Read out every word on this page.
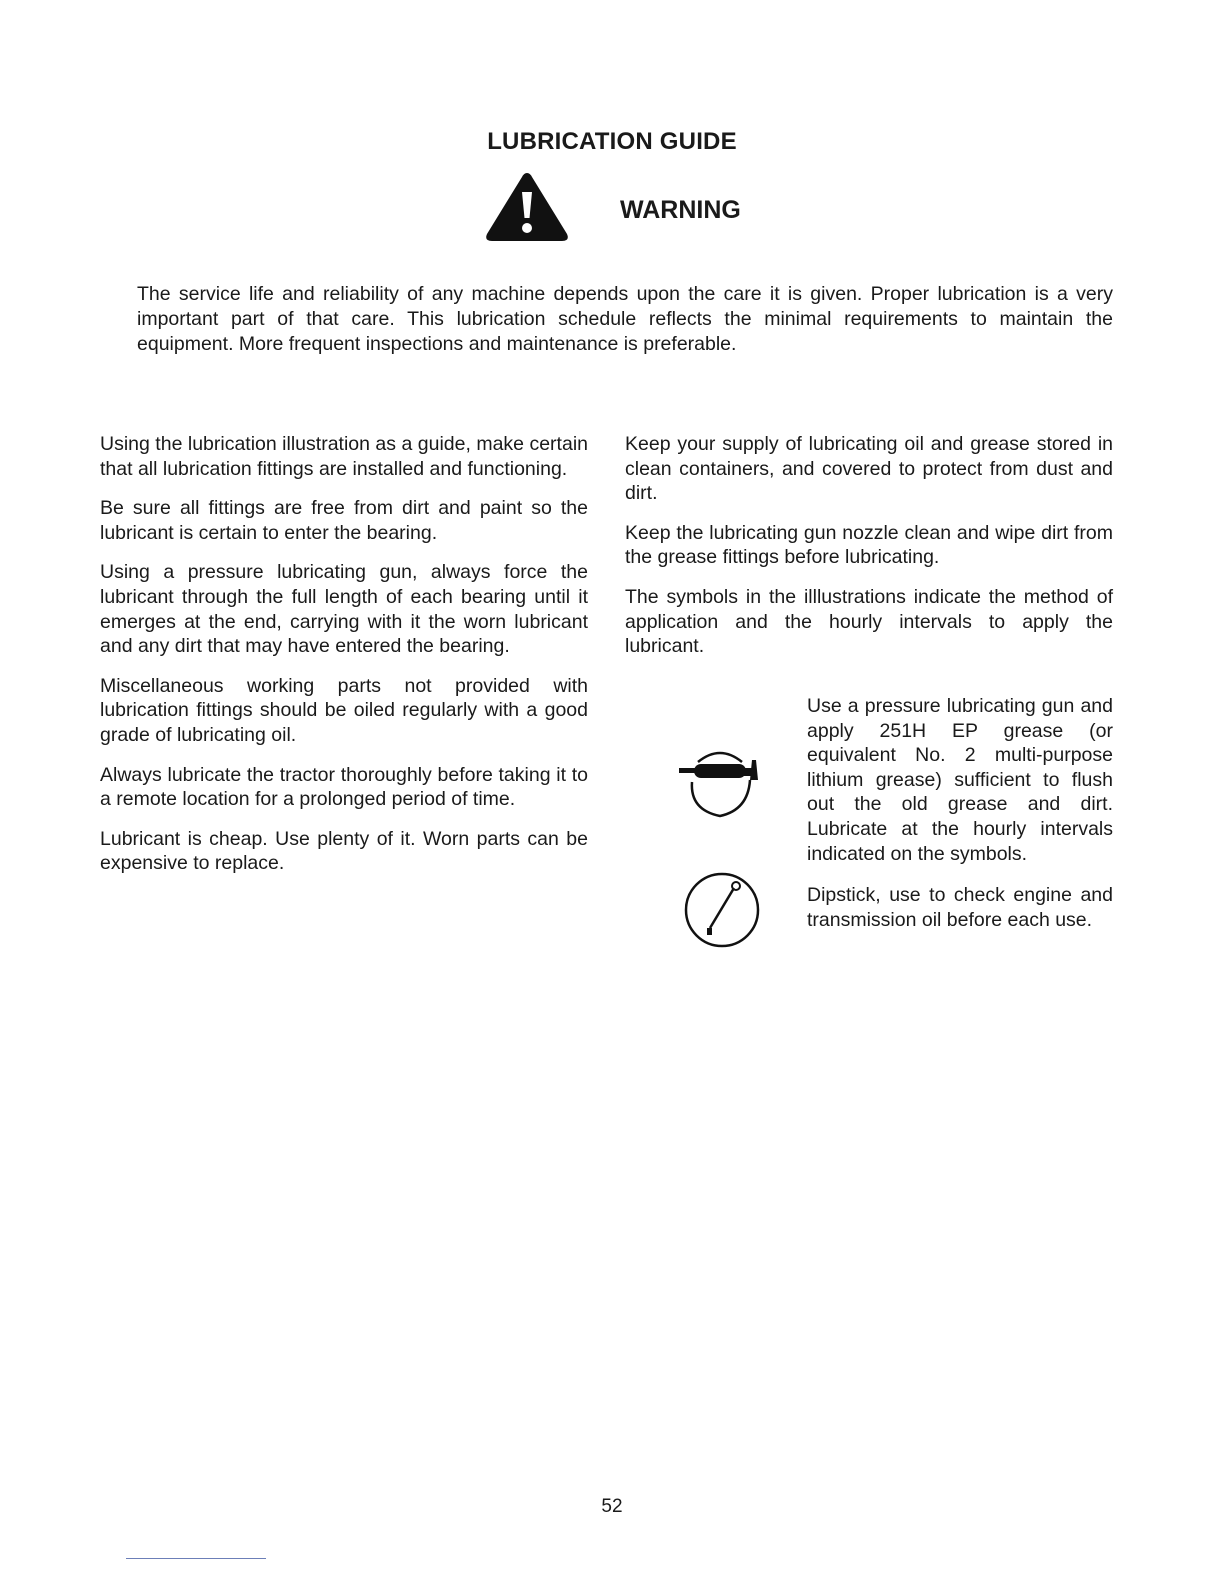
LUBRICATION GUIDE
WARNING
The service life and reliability of any machine depends upon the care it is given. Proper lubrication is a very important part of that care. This lubrication schedule reflects the minimal requirements to maintain the equipment. More frequent inspections and maintenance is preferable.

Using the lubrication illustration as a guide, make certain that all lubrication fittings are installed and functioning.

Be sure all fittings are free from dirt and paint so the lubricant is certain to enter the bearing.

Using a pressure lubricating gun, always force the lubricant through the full length of each bearing until it emerges at the end, carrying with it the worn lubricant and any dirt that may have entered the bearing.

Miscellaneous working parts not provided with lubrication fittings should be oiled regularly with a good grade of lubricating oil.

Always lubricate the tractor thoroughly before taking it to a remote location for a prolonged period of time.

Lubricant is cheap. Use plenty of it. Worn parts can be expensive to replace.

Keep your supply of lubricating oil and grease stored in clean containers, and covered to protect from dust and dirt.

Keep the lubricating gun nozzle clean and wipe dirt from the grease fittings before lubricating.

The symbols in the illlustrations indicate the method of application and the hourly intervals to apply the lubricant.

Use a pressure lubricating gun and apply 251H EP grease (or equivalent No. 2 multi-purpose lithium grease) sufficient to flush out the old grease and dirt. Lubricate at the hourly intervals indicated on the symbols.
Dipstick, use to check engine and transmission oil before each use.
52
